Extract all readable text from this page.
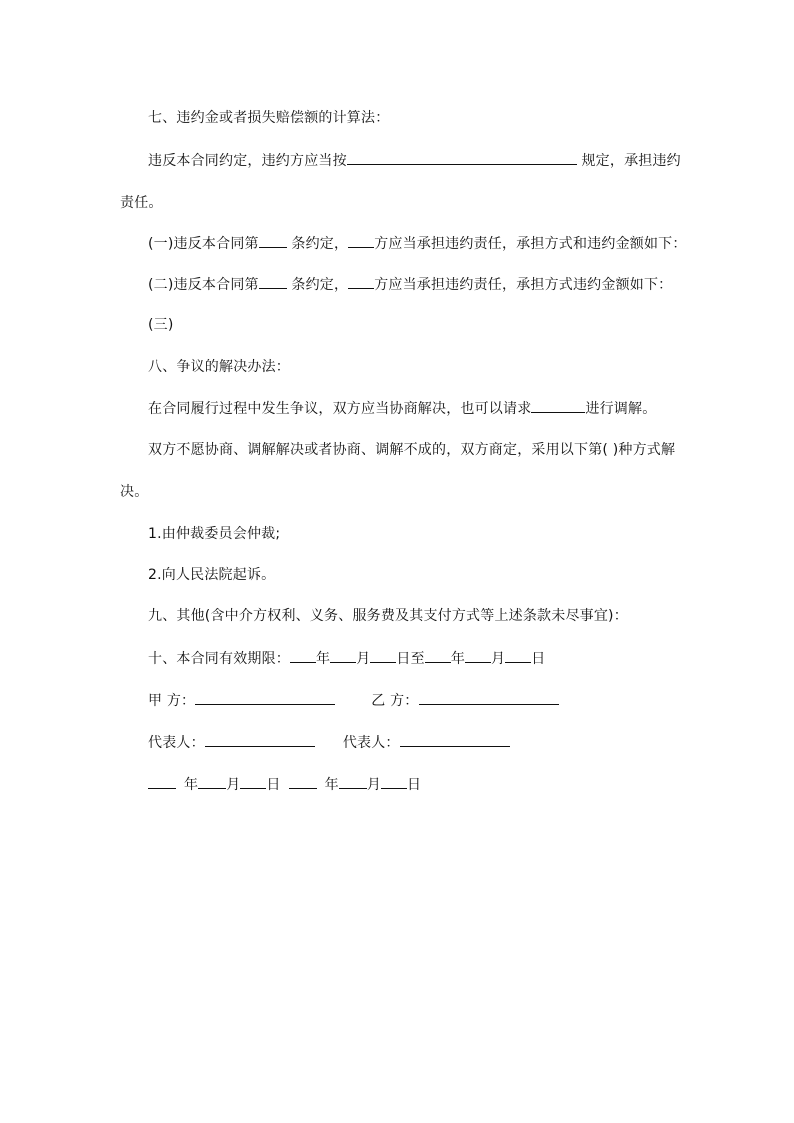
七、违约金或者损失赔偿额的计算法：
违反本合同约定，违约方应当按	规定，承担违约
责任。
(一)违反本合同第 条约定， 方应当承担违约责任，承担方式和违约金额如下：
(二)违反本合同第 条约定， 方应当承担违约责任，承担方式违约金额如下：
(三)
八、争议的解决办法：
在合同履行过程中发生争议，双方应当协商解决，也可以请求	进行调解。
双方不愿协商、调解解决或者协商、调解不成的，双方商定，采用以下第( )种方式解
决。
1.由仲裁委员会仲裁;
2.向人民法院起诉。
九、其他(含中介方权利、义务、服务费及其支付方式等上述条款未尽事宜)：
十、本合同有效期限： 年 月 日至 年 月 日
甲 方：	乙 方：
代表人：	代表人：
年 月 日	年 月 日
